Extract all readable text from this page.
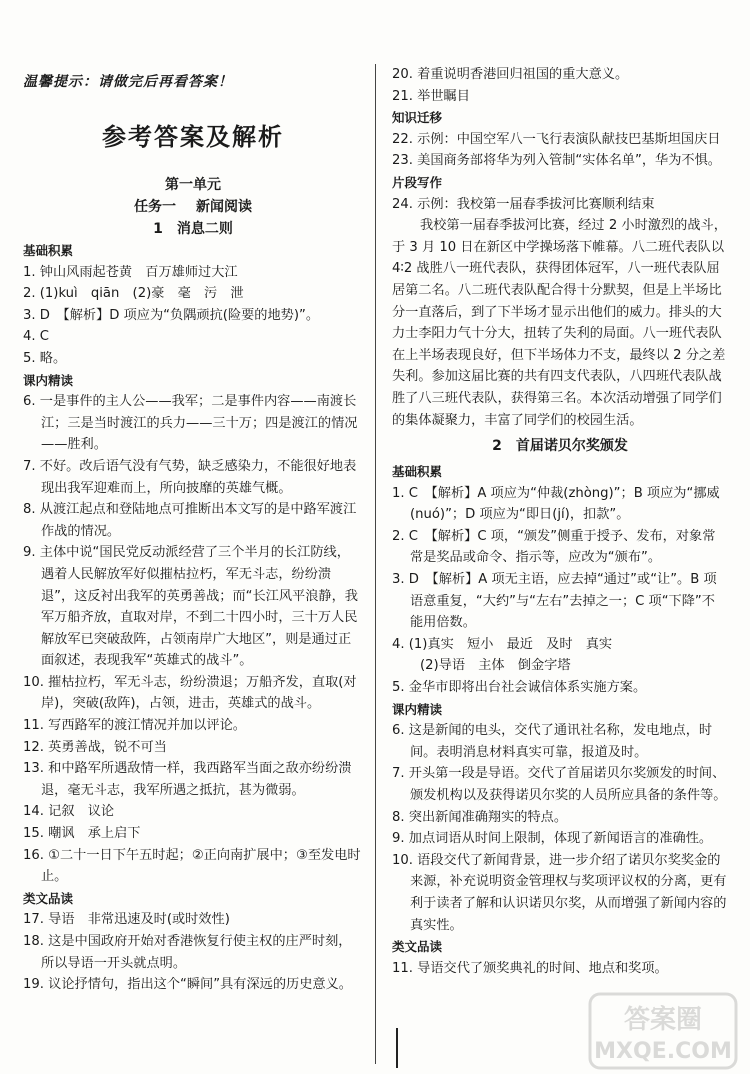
温馨提示：请做完后再看答案！
参考答案及解析
第一单元
任务一 新闻阅读
1　消息二则
基础积累
1. 钟山风雨起苍黄　百万雄师过大江
2. (1)kuì　qiān　(2)豪　毫　污　泄
3. D　【解析】D 项应为“负隅顽抗(险要的地势)”。
4. C
5. 略。
课内精读
6. 一是事件的主人公——我军；二是事件内容——南渡长江；三是当时渡江的兵力——三十万；四是渡江的情况——胜利。
7. 不好。改后语气没有气势，缺乏感染力，不能很好地表现出我军迎难而上，所向披靡的英雄气概。
8. 从渡江起点和登陆地点可推断出本文写的是中路军渡江作战的情况。
9. 主体中说“国民党反动派经营了三个半月的长江防线，遇着人民解放军好似摧枯拉朽，军无斗志，纷纷溃退”，这反衬出我军的英勇善战；而“长江风平浪静，我军万船齐放，直取对岸，不到二十四小时，三十万人民解放军已突破敌阵，占领南岸广大地区”，则是通过正面叙述，表现我军“英雄式的战斗”。
10. 摧枯拉朽，军无斗志，纷纷溃退；万船齐发，直取(对岸)，突破(敌阵)，占领，进击，英雄式的战斗。
11. 写西路军的渡江情况并加以评论。
12. 英勇善战，锐不可当
13. 和中路军所遇敌情一样，我西路军当面之敌亦纷纷溃退，毫无斗志，我军所遇之抵抗，甚为微弱。
14. 记叙　议论
15. 嘲讽　承上启下
16. ①二十一日下午五时起；②正向南扩展中；③至发电时止。
类文品读
17. 导语　非常迅速及时(或时效性)
18. 这是中国政府开始对香港恢复行使主权的庄严时刻，所以导语一开头就点明。
19. 议论抒情句，指出这个“瞬间”具有深远的历史意义。
20. 着重说明香港回归祖国的重大意义。
21. 举世瞩目
知识迁移
22. 示例：中国空军八一飞行表演队献技巴基斯坦国庆日
23. 美国商务部将华为列入管制“实体名单”，华为不惧。
片段写作
24. 示例：我校第一届春季拔河比赛顺利结束
我校第一届春季拔河比赛，经过 2 小时激烈的战斗，于 3 月 10 日在新区中学操场落下帷幕。八二班代表队以 4∶2 战胜八一班代表队，获得团体冠军，八一班代表队屈居第二名。八二班代表队配合得十分默契，但是上半场比分一直落后，到了下半场才显示出他们的威力。排头的大力士李阳力气十分大，扭转了失利的局面。八一班代表队在上半场表现良好，但下半场体力不支，最终以 2 分之差失利。参加这届比赛的共有四支代表队，八四班代表队战胜了八三班代表队，获得第三名。本次活动增强了同学们的集体凝聚力，丰富了同学们的校园生活。
2　首届诺贝尔奖颁发
基础积累
1. C　【解析】A 项应为“仲裁(zhòng)”；B 项应为“挪威(nuó)”；D 项应为“即日(jí)，扣款”。
2. C　【解析】C 项，“颁发”侧重于授予、发布，对象常常是奖品或命令、指示等，应改为“颁布”。
3. D　【解析】A 项无主语，应去掉“通过”或“让”。B 项语意重复，“大约”与“左右”去掉之一；C 项“下降”不能用倍数。
4. (1)真实　短小　最近　及时　真实
(2)导语　主体　倒金字塔
5. 金华市即将出台社会诚信体系实施方案。
课内精读
6. 这是新闻的电头，交代了通讯社名称，发电地点，时间。表明消息材料真实可靠，报道及时。
7. 开头第一段是导语。交代了首届诺贝尔奖颁发的时间、颁发机构以及获得诺贝尔奖的人员所应具备的条件等。
8. 突出新闻准确翔实的特点。
9. 加点词语从时间上限制，体现了新闻语言的准确性。
10. 语段交代了新闻背景，进一步介绍了诺贝尔奖奖金的来源，补充说明资金管理权与奖项评议权的分离，更有利于读者了解和认识诺贝尔奖，从而增强了新闻内容的真实性。
类文品读
11. 导语交代了颁奖典礼的时间、地点和奖项。
答案圈
MXQE.COM
